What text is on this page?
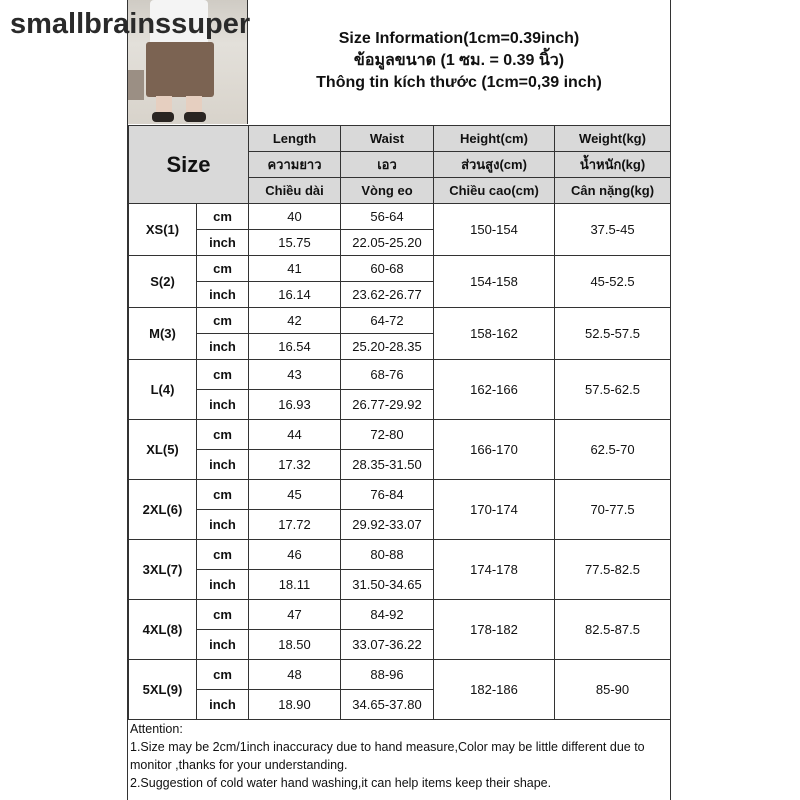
smallbrainssuper	Size Information(1cm=0.39inch)
ข้อมูลขนาด (1 ซม. = 0.39 นิ้ว)
Thông tin kích thước (1cm=0,39 inch)
Size		Length	Waist	Height(cm)	Weight(kg)
		ความยาว	เอว	ส่วนสูง(cm)	น้ำหนัก(kg)
		Chiều dài	Vòng eo	Chiều cao(cm)	Cân nặng(kg)
XS(1)	cm	40	56-64	150-154	37.5-45
	inch	15.75	22.05-25.20		
S(2)	cm	41	60-68	154-158	45-52.5
	inch	16.14	23.62-26.77		
M(3)	cm	42	64-72	158-162	52.5-57.5
	inch	16.54	25.20-28.35		
L(4)	cm	43	68-76	162-166	57.5-62.5
	inch	16.93	26.77-29.92		
XL(5)	cm	44	72-80	166-170	62.5-70
	inch	17.32	28.35-31.50		
2XL(6)	cm	45	76-84	170-174	70-77.5
	inch	17.72	29.92-33.07		
3XL(7)	cm	46	80-88	174-178	77.5-82.5
	inch	18.11	31.50-34.65		
4XL(8)	cm	47	84-92	178-182	82.5-87.5
	inch	18.50	33.07-36.22		
5XL(9)	cm	48	88-96	182-186	85-90
	inch	18.90	34.65-37.80		
Attention:
1.Size may be 2cm/1inch inaccuracy due to hand measure,Color may be little different due to monitor ,thanks for your understanding.
2.Suggestion of cold water hand washing,it can help items keep their shape.
